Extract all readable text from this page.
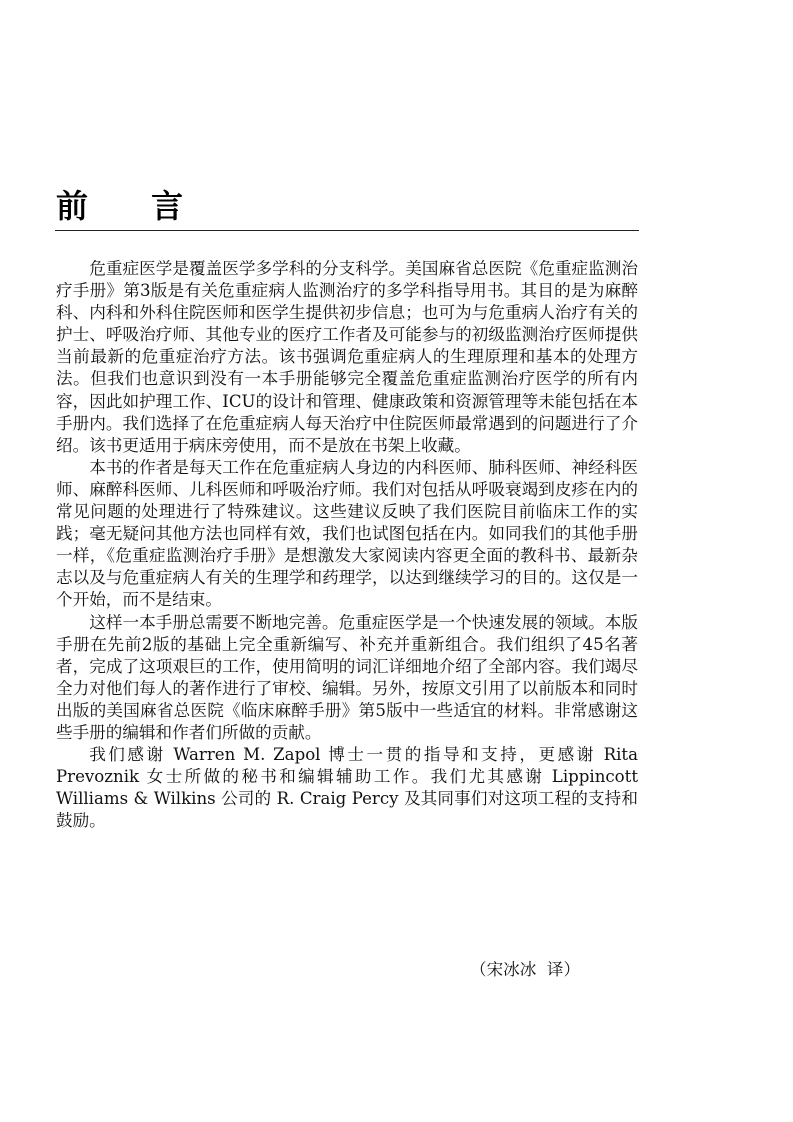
前 言

危重症医学是覆盖医学多学科的分支科学。美国麻省总医院《危重症监测治疗手册》第3版是有关危重症病人监测治疗的多学科指导用书。其目的是为麻醉科、内科和外科住院医师和医学生提供初步信息；也可为与危重病人治疗有关的护士、呼吸治疗师、其他专业的医疗工作者及可能参与的初级监测治疗医师提供当前最新的危重症治疗方法。该书强调危重症病人的生理原理和基本的处理方法。但我们也意识到没有一本手册能够完全覆盖危重症监测治疗医学的所有内容，因此如护理工作、ICU的设计和管理、健康政策和资源管理等未能包括在本手册内。我们选择了在危重症病人每天治疗中住院医师最常遇到的问题进行了介绍。该书更适用于病床旁使用，而不是放在书架上收藏。

本书的作者是每天工作在危重症病人身边的内科医师、肺科医师、神经科医师、麻醉科医师、儿科医师和呼吸治疗师。我们对包括从呼吸衰竭到皮疹在内的常见问题的处理进行了特殊建议。这些建议反映了我们医院目前临床工作的实践；毫无疑问其他方法也同样有效，我们也试图包括在内。如同我们的其他手册一样，《危重症监测治疗手册》是想激发大家阅读内容更全面的教科书、最新杂志以及与危重症病人有关的生理学和药理学，以达到继续学习的目的。这仅是一个开始，而不是结束。

这样一本手册总需要不断地完善。危重症医学是一个快速发展的领域。本版手册在先前2版的基础上完全重新编写、补充并重新组合。我们组织了45名著者，完成了这项艰巨的工作，使用简明的词汇详细地介绍了全部内容。我们竭尽全力对他们每人的著作进行了审校、编辑。另外，按原文引用了以前版本和同时出版的美国麻省总医院《临床麻醉手册》第5版中一些适宜的材料。非常感谢这些手册的编辑和作者们所做的贡献。

我们感谢 Warren M. Zapol 博士一贯的指导和支持，更感谢 Rita Prevoznik 女士所做的秘书和编辑辅助工作。我们尤其感谢 Lippincott Williams & Wilkins 公司的 R. Craig Percy 及其同事们对这项工程的支持和鼓励。

（宋冰冰  译）
